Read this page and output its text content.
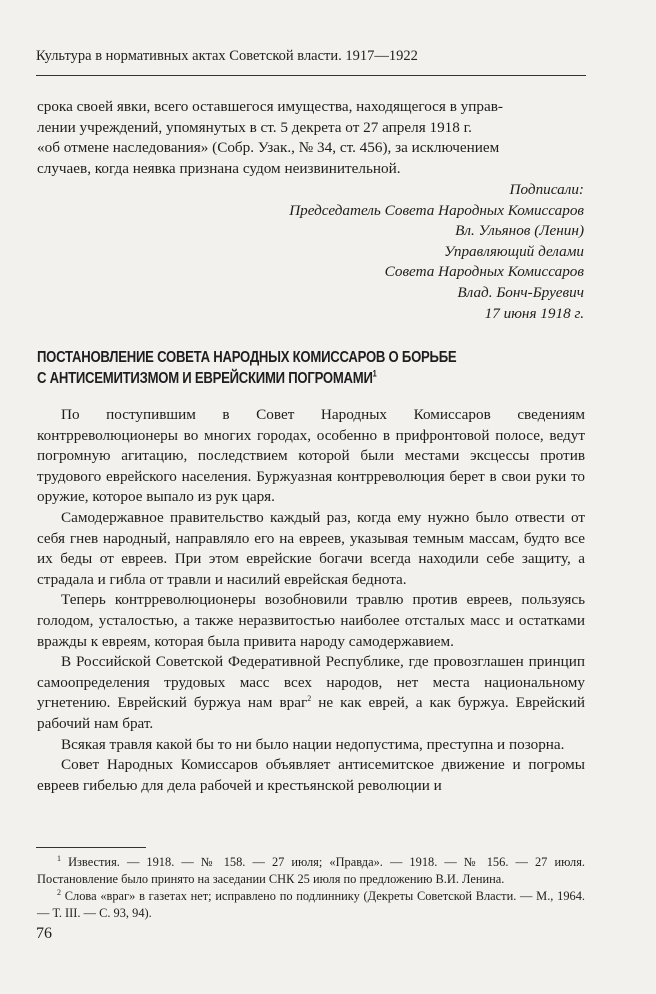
Культура в нормативных актах Советской власти. 1917—1922
срока своей явки, всего оставшегося имущества, находящегося в управ-
лении учреждений, упомянутых в ст. 5 декрета от 27 апреля 1918 г.
«об отмене наследования» (Собр. Узак., № 34, ст. 456), за исключением
случаев, когда неявка признана судом неизвинительной.
Подписали:
Председатель Совета Народных Комиссаров
Вл. Ульянов (Ленин)
Управляющий делами
Совета Народных Комиссаров
Влад. Бонч-Бруевич
17 июня 1918 г.
ПОСТАНОВЛЕНИЕ СОВЕТА НАРОДНЫХ КОМИССАРОВ О БОРЬБЕ
С АНТИСЕМИТИЗМОМ И ЕВРЕЙСКИМИ ПОГРОМАМИ$^1$

По поступившим в Совет Народных Комиссаров сведениям контрреволюционеры во многих городах, особенно в прифронтовой полосе, ведут погромную агитацию, последствием которой были местами эксцессы против трудового еврейского населения. Буржуазная контрреволюция берет в свои руки то оружие, которое выпало из рук царя.

Самодержавное правительство каждый раз, когда ему нужно было отвести от себя гнев народный, направляло его на евреев, указывая темным массам, будто все их беды от евреев. При этом еврейские богачи всегда находили себе защиту, а страдала и гибла от травли и насилий еврейская беднота.

Теперь контрреволюционеры возобновили травлю против евреев, пользуясь голодом, усталостью, а также неразвитостью наиболее отсталых масс и остатками вражды к евреям, которая была привита народу самодержавием.

В Российской Советской Федеративной Республике, где провозглашен принцип самоопределения трудовых масс всех народов, нет места национальному угнетению. Еврейский буржуа нам враг$^2$ не как еврей, а как буржуа. Еврейский рабочий нам брат.

Всякая травля какой бы то ни было нации недопустима, преступна и позорна.

Совет Народных Комиссаров объявляет антисемитское движение и погромы евреев гибелью для дела рабочей и крестьянской революции и

$^1$ Известия. — 1918. — № 158. — 27 июля; «Правда». — 1918. — № 156. — 27 июля. Постановление было принято на заседании СНК 25 июля по предложению В.И. Ленина.

$^2$ Слова «враг» в газетах нет; исправлено по подлиннику (Декреты Советской Власти. — М., 1964. — Т. III. — С. 93, 94).

76
